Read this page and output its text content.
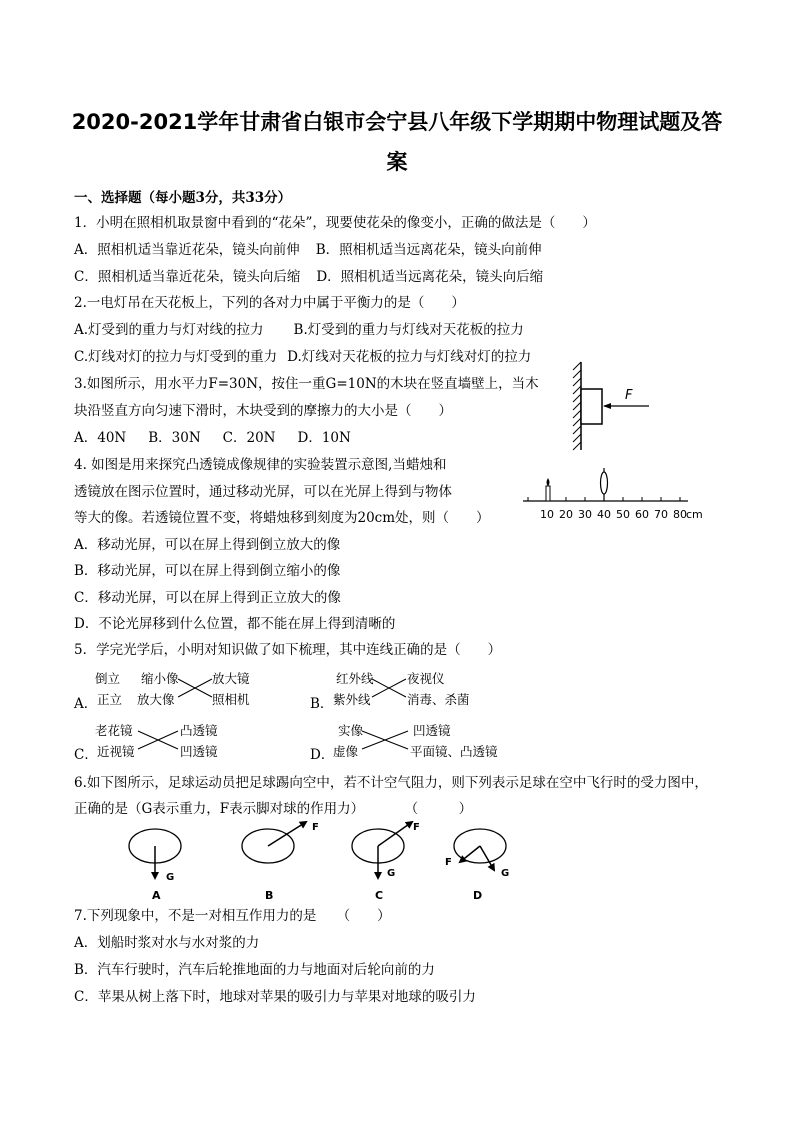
2020-2021学年甘肃省白银市会宁县八年级下学期期中物理试题及答
案
一、选择题（每小题3分，共33分）
1．小明在照相机取景窗中看到的“花朵”，现要使花朵的像变小，正确的做法是（　　）
A．照相机适当靠近花朵，镜头向前伸 B．照相机适当远离花朵，镜头向前伸
C．照相机适当靠近花朵，镜头向后缩 D．照相机适当远离花朵，镜头向后缩
2.一电灯吊在天花板上，下列的各对力中属于平衡力的是（　　）
A.灯受到的重力与灯对线的拉力 B.灯受到的重力与灯线对天花板的拉力
C.灯线对灯的拉力与灯受到的重力 D.灯线对天花板的拉力与灯线对灯的拉力
3.如图所示，用水平力F=30N，按住一重G=10N的木块在竖直墙壁上，当木
块沿竖直方向匀速下滑时，木块受到的摩擦力的大小是（　　）
A．40N B．30N C．20N D．10N
F
4. 如图是用来探究凸透镜成像规律的实验装置示意图,当蜡烛和
透镜放在图示位置时，通过移动光屏，可以在光屏上得到与物体
等大的像。若透镜位置不变，将蜡烛移到刻度为20cm处，则（　　）
A．移动光屏，可以在屏上得到倒立放大的像
B．移动光屏，可以在屏上得到倒立缩小的像
C．移动光屏，可以在屏上得到正立放大的像
D．不论光屏移到什么位置，都不能在屏上得到清晰的
10 20 30 40 50 60 70 80 cm
5．学完光学后，小明对知识做了如下梳理，其中连线正确的是（　　）
A．
倒立 缩小像	放大镜
正立 放大像	照相机	B．
红外线	夜视仪
紫外线	消毒、杀菌
C．
老花镜	凸透镜
近视镜	凹透镜	D．
实像	凹透镜
虚像	平面镜、凸透镜
6.如下图所示，足球运动员把足球踢向空中，若不计空气阻力，则下列表示足球在空中飞行时的受力图中，
正确的是（G表示重力，F表示脚对球的作用力）　　　　（　　　）
G
A
F
B
F
G
C
F
G
D
7.下列现象中，不是一对相互作用力的是　　（　　）
A．划船时浆对水与水对浆的力
B．汽车行驶时，汽车后轮推地面的力与地面对后轮向前的力
C．苹果从树上落下时，地球对苹果的吸引力与苹果对地球的吸引力
